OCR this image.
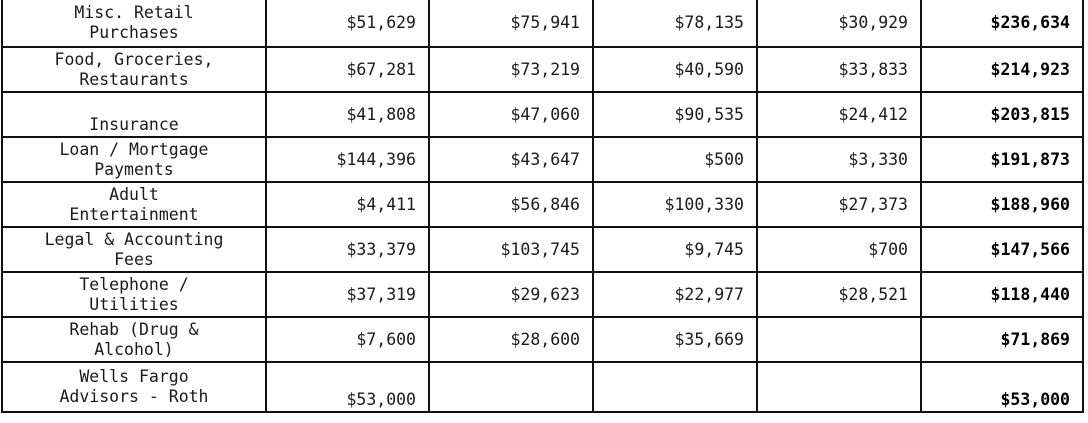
Misc. Retail
Purchases	$51,629	$75,941	$78,135	$30,929	$236,634

Food, Groceries,
Restaurants	$67,281	$73,219	$40,590	$33,833	$214,923

Insurance	$41,808	$47,060	$90,535	$24,412	$203,815

Loan / Mortgage
Payments	$144,396	$43,647	$500	$3,330	$191,873

Adult
Entertainment	$4,411	$56,846	$100,330	$27,373	$188,960

Legal & Accounting
Fees	$33,379	$103,745	$9,745	$700	$147,566

Telephone /
Utilities	$37,319	$29,623	$22,977	$28,521	$118,440

Rehab (Drug &
Alcohol)	$7,600	$28,600	$35,669		$71,869

Wells Fargo
Advisors - Roth	$53,000				$53,000
